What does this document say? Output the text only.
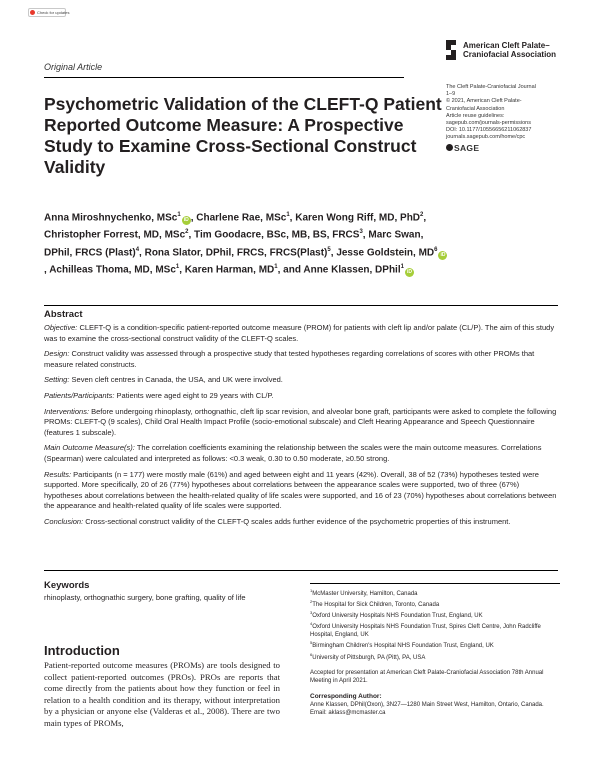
Check for updates
Original Article
American Cleft Palate–
Craniofacial Association
The Cleft Palate-Craniofacial Journal
1–9
© 2021, American Cleft Palate-
Craniofacial Association
Article reuse guidelines:
sagepub.com/journals-permissions
DOI: 10.1177/10556656211062837
journals.sagepub.com/home/cpc
SAGE
Psychometric Validation of the CLEFT-Q Patient Reported Outcome Measure: A Prospective Study to Examine Cross-Sectional Construct Validity
Anna Miroshnychenko, MSc$^1$iD , Charlene Rae, MSc$^1$, Karen Wong Riff, MD, PhD$^2$, Christopher Forrest, MD, MSc$^2$, Tim Goodacre, BSc, MB, BS, FRCS$^3$, Marc Swan, DPhil, FRCS (Plast)$^4$, Rona Slator, DPhil, FRCS, FRCS(Plast)$^5$, Jesse Goldstein, $MD^6iD$, Achilleas Thoma, MD, MSc$^1$, Karen Harman, $MD^1$, and Anne Klassen, DPhil$^1$iD
Abstract

Objective: CLEFT-Q is a condition-specific patient-reported outcome measure (PROM) for patients with cleft lip and/or palate (CL/P). The aim of this study was to examine the cross-sectional construct validity of the CLEFT-Q scales.

Design: Construct validity was assessed through a prospective study that tested hypotheses regarding correlations of scores with other PROMs that measure related constructs.

Setting: Seven cleft centres in Canada, the USA, and UK were involved.

Patients/Participants: Patients were aged eight to 29 years with CL/P.

Interventions: Before undergoing rhinoplasty, orthognathic, cleft lip scar revision, and alveolar bone graft, participants were asked to complete the following PROMs: CLEFT-Q (9 scales), Child Oral Health Impact Profile (socio-emotional subscale) and Cleft Hearing Appearance and Speech Questionnaire (features 1 subscale).

Main Outcome Measure(s): The correlation coefficients examining the relationship between the scales were the main outcome measures. Correlations (Spearman) were calculated and interpreted as follows: <0.3 weak, 0.30 to 0.50 moderate, ≥0.50 strong.

Results: Participants (n = 177) were mostly male (61%) and aged between eight and 11 years (42%). Overall, 38 of 52 (73%) hypotheses tested were supported. More specifically, 20 of 26 (77%) hypotheses about correlations between the appearance scales were supported, two of three (67%) hypotheses about correlations between the health-related quality of life scales were supported, and 16 of 23 (70%) hypotheses about correlations between the appearance and health-related quality of life scales were supported.

Conclusion: Cross-sectional construct validity of the CLEFT-Q scales adds further evidence of the psychometric properties of this instrument.

Keywords
rhinoplasty, orthognathic surgery, bone grafting, quality of life
$^1$McMaster University, Hamilton, Canada
$^2$The Hospital for Sick Children, Toronto, Canada
$^3$Oxford University Hospitals NHS Foundation Trust, England, UK
$^4$Oxford University Hospitals NHS Foundation Trust, Spires Cleft Centre, John Radcliffe Hospital, England, UK
$^5$Birmingham Children's Hospital NHS Foundation Trust, England, UK
$^6$University of Pittsburgh, PA (Pitt), PA, USA
Accepted for presentation at American Cleft Palate-Craniofacial Association 78th Annual Meeting in April 2021.
Corresponding Author:
Anne Klassen, DPhil(Oxon), 3N27—1280 Main Street West, Hamilton, Ontario, Canada.
Email: aklass@mcmaster.ca
Introduction
Patient-reported outcome measures (PROMs) are tools designed to collect patient-reported outcomes (PROs). PROs are reports that come directly from the patients about how they function or feel in relation to a health condition and its therapy, without interpretation by a physician or anyone else (Valderas et al., 2008). There are two main types of PROMs,
